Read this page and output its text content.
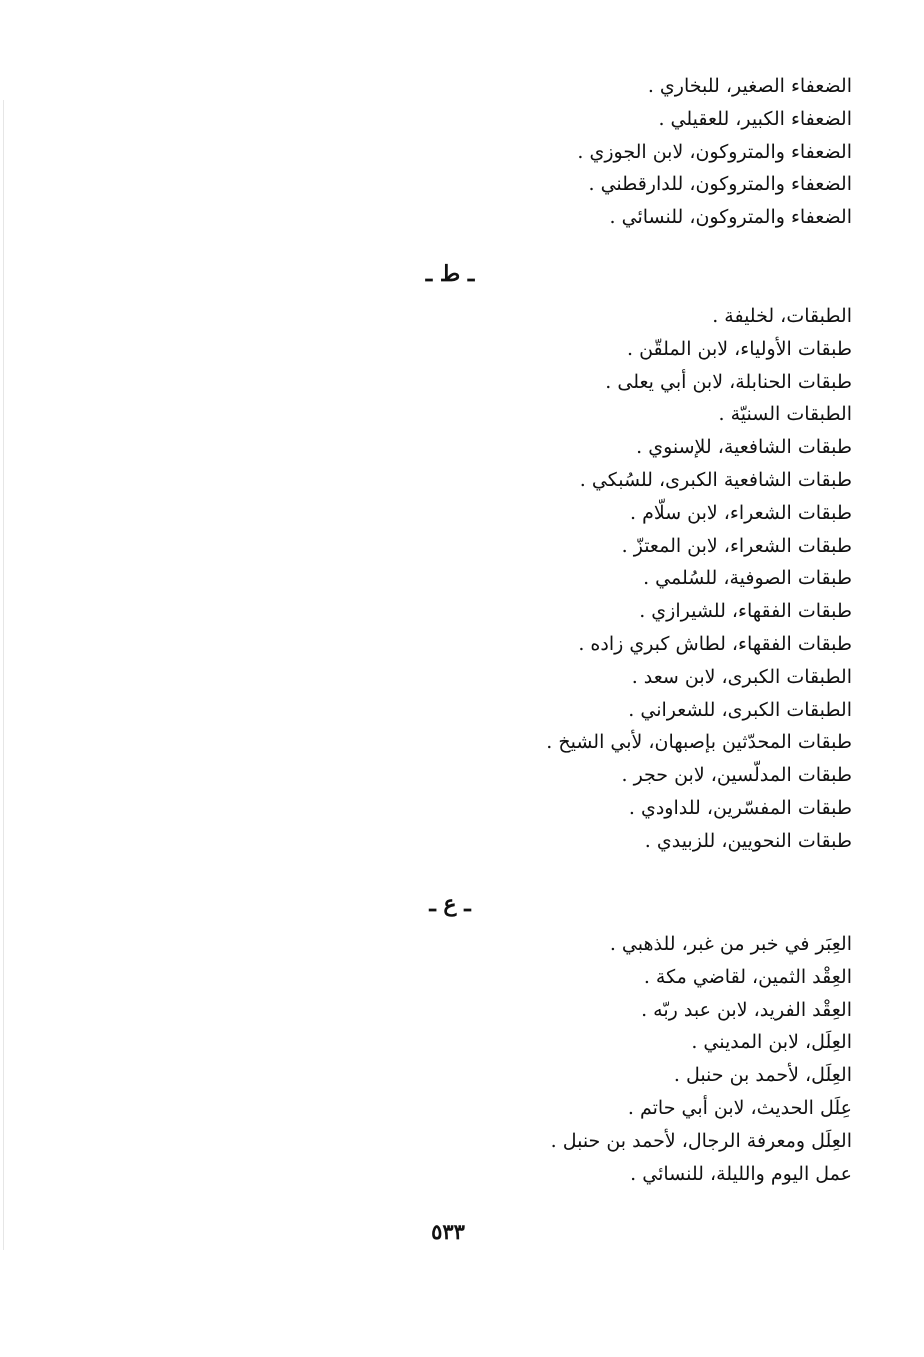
الضعفاء الصغير، للبخاري .
الضعفاء الكبير، للعقيلي .
الضعفاء والمتروكون، لابن الجوزي .
الضعفاء والمتروكون، للدارقطني .
الضعفاء والمتروكون، للنسائي .
ـ ط ـ
الطبقات، لخليفة .
طبقات الأولياء، لابن الملقّن .
طبقات الحنابلة، لابن أبي يعلى .
الطبقات السنيّة .
طبقات الشافعية، للإسنوي .
طبقات الشافعية الكبرى، للسُبكي .
طبقات الشعراء، لابن سلّام .
طبقات الشعراء، لابن المعتزّ .
طبقات الصوفية، للسُلمي .
طبقات الفقهاء، للشيرازي .
طبقات الفقهاء، لطاش كبري زاده .
الطبقات الكبرى، لابن سعد .
الطبقات الكبرى، للشعراني .
طبقات المحدّثين بإصبهان، لأبي الشيخ .
طبقات المدلّسين، لابن حجر .
طبقات المفسّرين، للداودي .
طبقات النحويين، للزبيدي .
ـ ع ـ
العِبَر في خبر من غبر، للذهبي .
العِقْد الثمين، لقاضي مكة .
العِقْد الفريد، لابن عبد ربّه .
العِلَل، لابن المديني .
العِلَل، لأحمد بن حنبل .
عِلَل الحديث، لابن أبي حاتم .
العِلَل ومعرفة الرجال، لأحمد بن حنبل .
عمل اليوم والليلة، للنسائي .
٥٣٣
